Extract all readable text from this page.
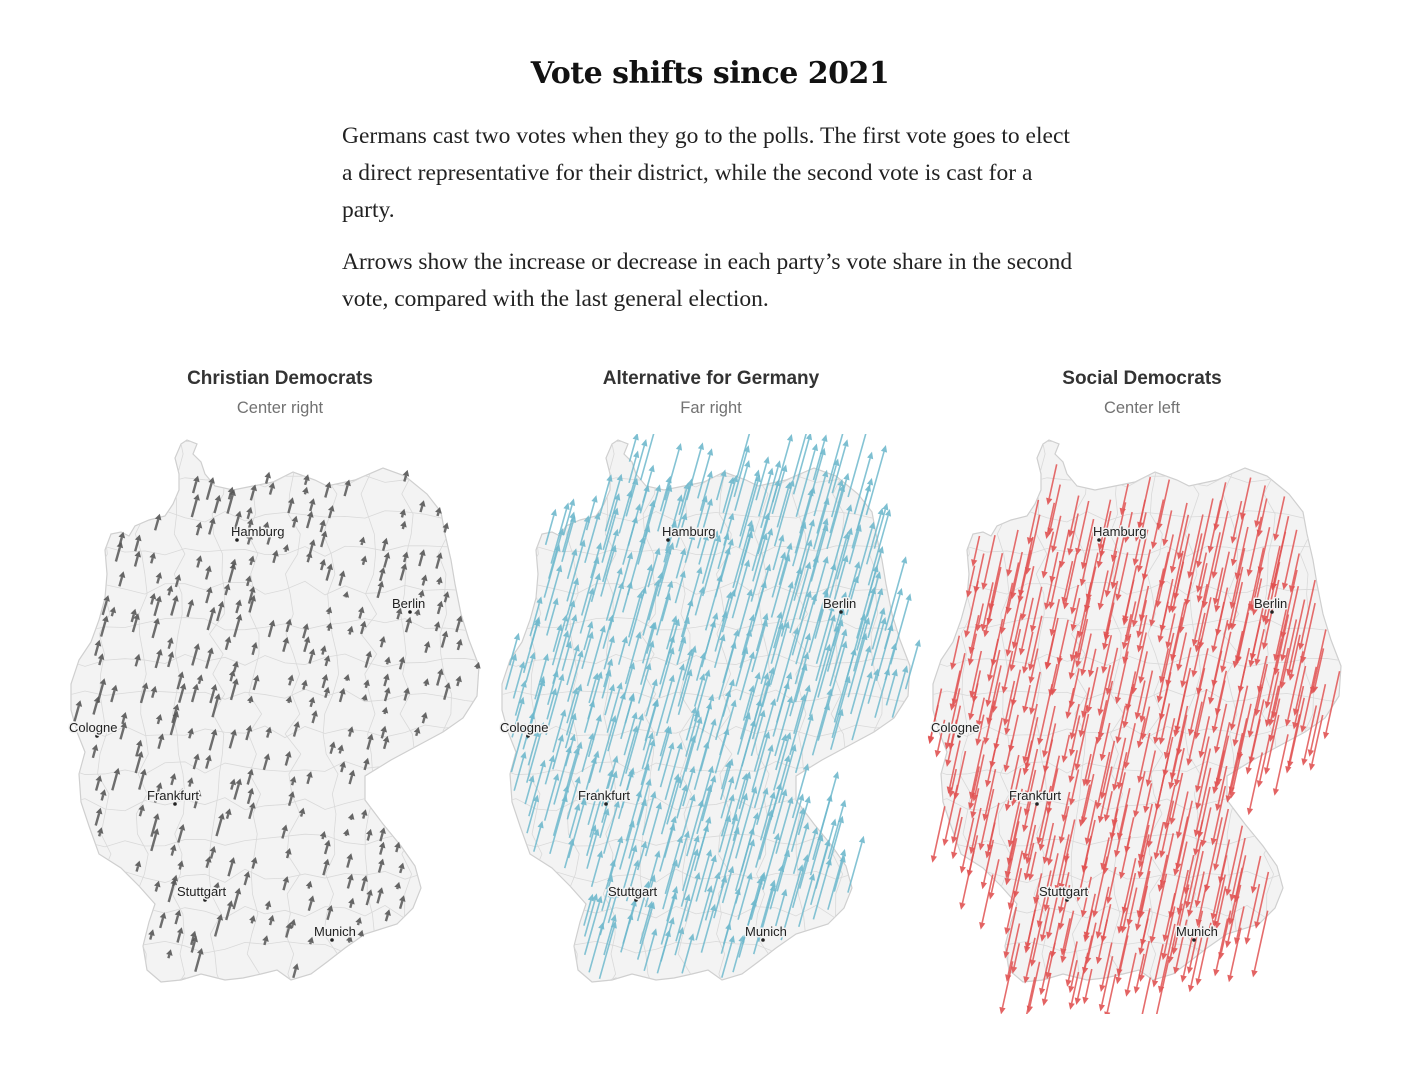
Vote shifts since 2021

Germans cast two votes when they go to the polls. The first vote goes to elect a direct representative for their district, while the second vote is cast for a party.

Arrows show the increase or decrease in each party’s vote share in the second vote, compared with the last general election.

Christian Democrats
Center right
Hamburg
Berlin
Cologne
Frankfurt
Stuttgart
Munich
Alternative for Germany
Far right
Hamburg
Berlin
Cologne
Frankfurt
Stuttgart
Munich
Social Democrats
Center left
Hamburg
Berlin
Cologne
Frankfurt
Stuttgart
Munich
